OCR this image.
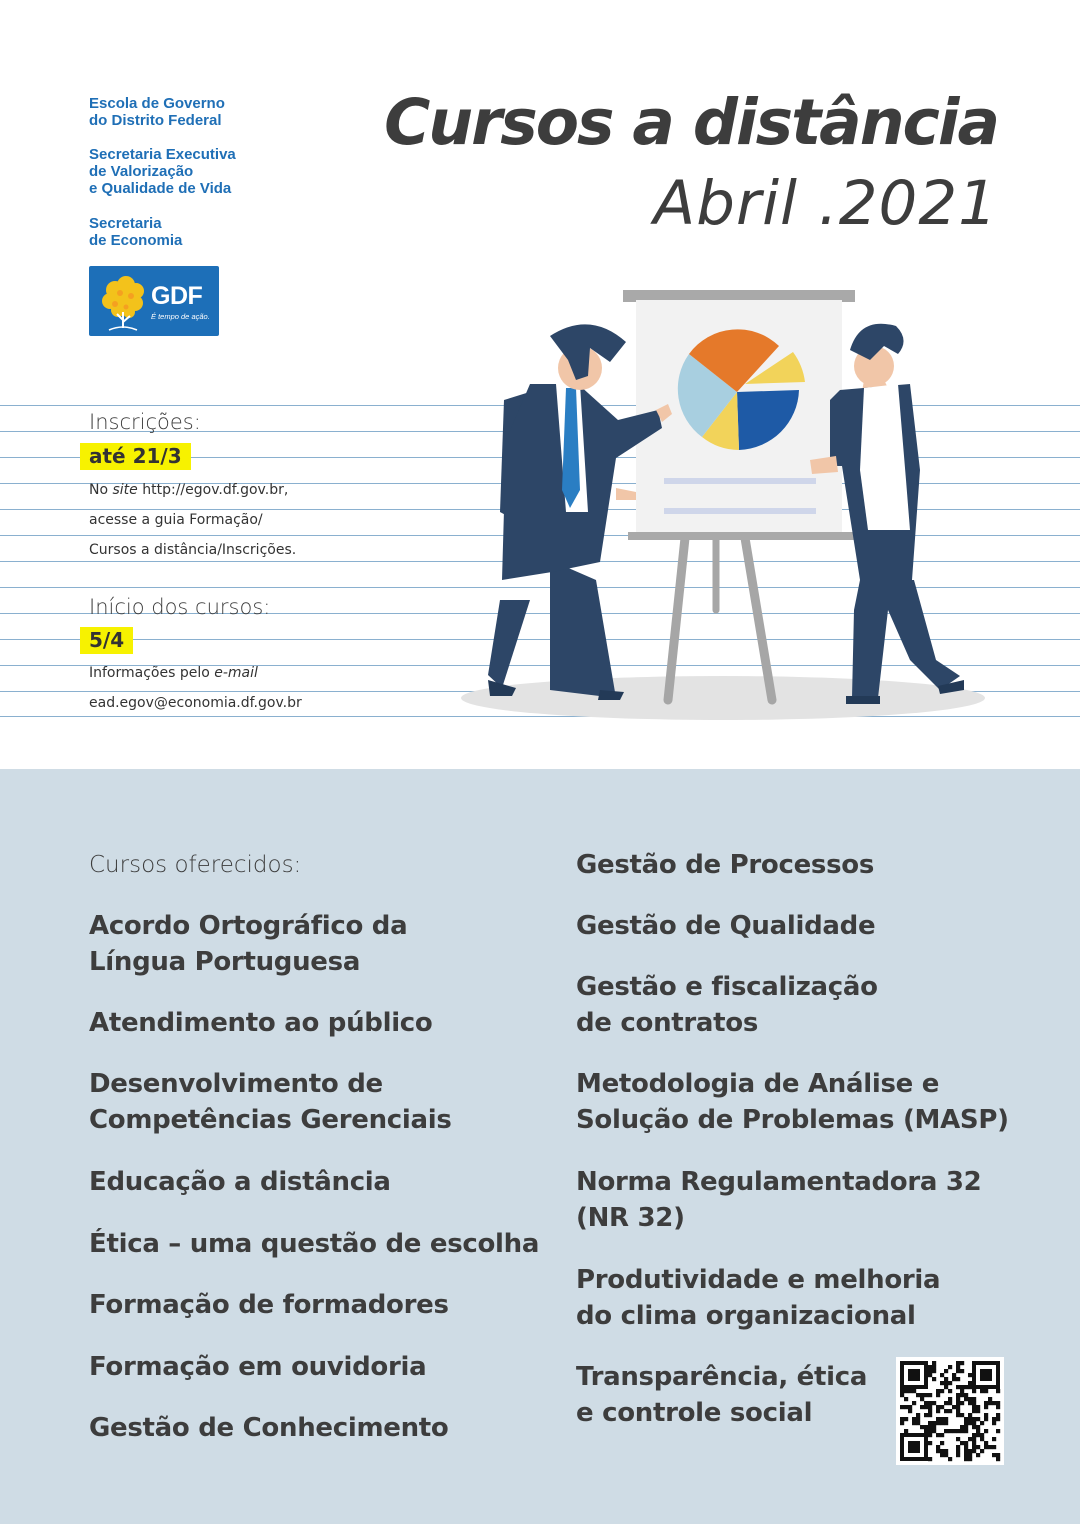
Escola de Governo
do Distrito Federal
Secretaria Executiva
de Valorização
e Qualidade de Vida
Secretaria
de Economia
GDF
É tempo de ação.
Cursos a distância
Abril .2021
Inscrições:
até 21/3
No site http://egov.df.gov.br,
acesse a guia Formação/
Cursos a distância/Inscrições.
Início dos cursos:
5/4
Informações pelo e-mail
ead.egov@economia.df.gov.br
Cursos oferecidos:
Acordo Ortográfico da
Língua Portuguesa
Atendimento ao público
Desenvolvimento de
Competências Gerenciais
Educação a distância
Ética – uma questão de escolha
Formação de formadores
Formação em ouvidoria
Gestão de Conhecimento
Gestão de Processos
Gestão de Qualidade
Gestão e fiscalização
de contratos
Metodologia de Análise e
Solução de Problemas (MASP)
Norma Regulamentadora 32
(NR 32)
Produtividade e melhoria
do clima organizacional
Transparência, ética
e controle social
